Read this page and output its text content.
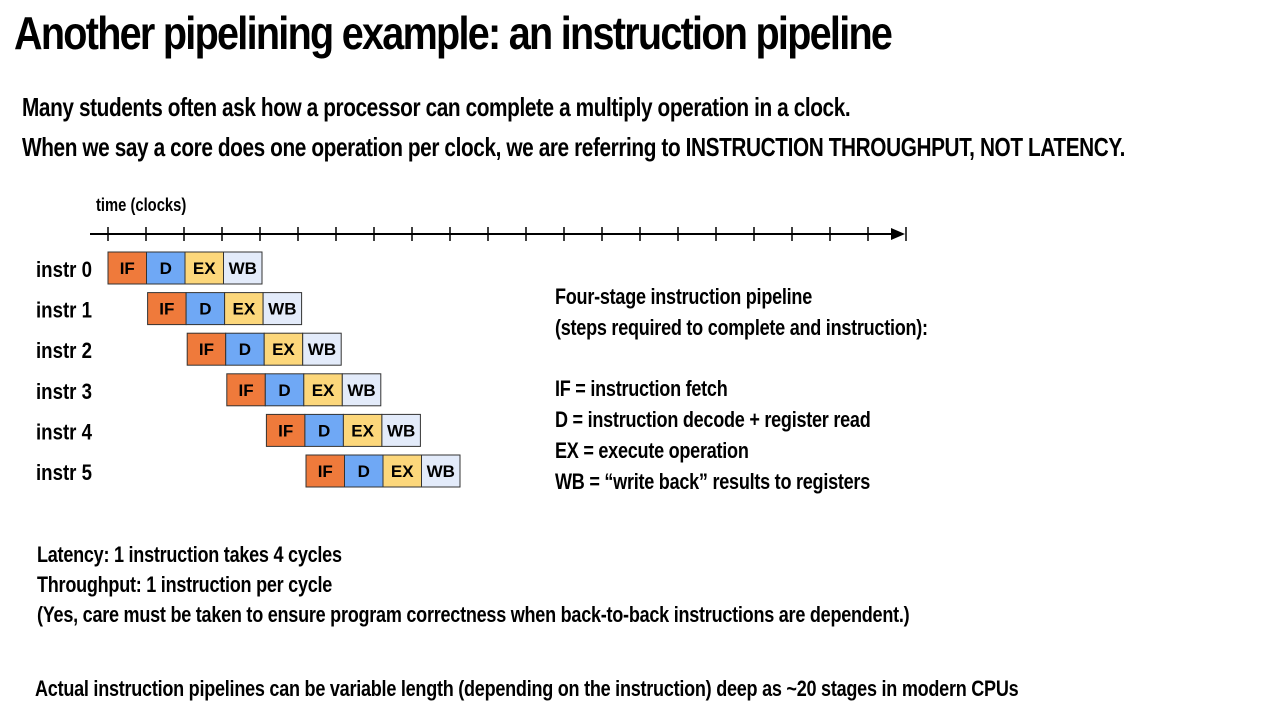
Another pipelining example: an instruction pipeline
Many students often ask how a processor can complete a multiply operation in a clock.
When we say a core does one operation per clock, we are referring to INSTRUCTION THROUGHPUT, NOT LATENCY.
time (clocks)
instr 0 IF D EX WB
instr 1	IF D EX WB
instr 2	IF D EX WB
instr 3	IF D EX WB
instr 4	IF D EX WB
instr 5	IF D EX WB
Four-stage instruction pipeline
(steps required to complete and instruction):
IF = instruction fetch
D = instruction decode + register read
EX = execute operation
WB = “write back” results to registers
Latency: 1 instruction takes 4 cycles
Throughput: 1 instruction per cycle
(Yes, care must be taken to ensure program correctness when back-to-back instructions are dependent.)
Actual instruction pipelines can be variable length (depending on the instruction) deep as ~20 stages in modern CPUs
